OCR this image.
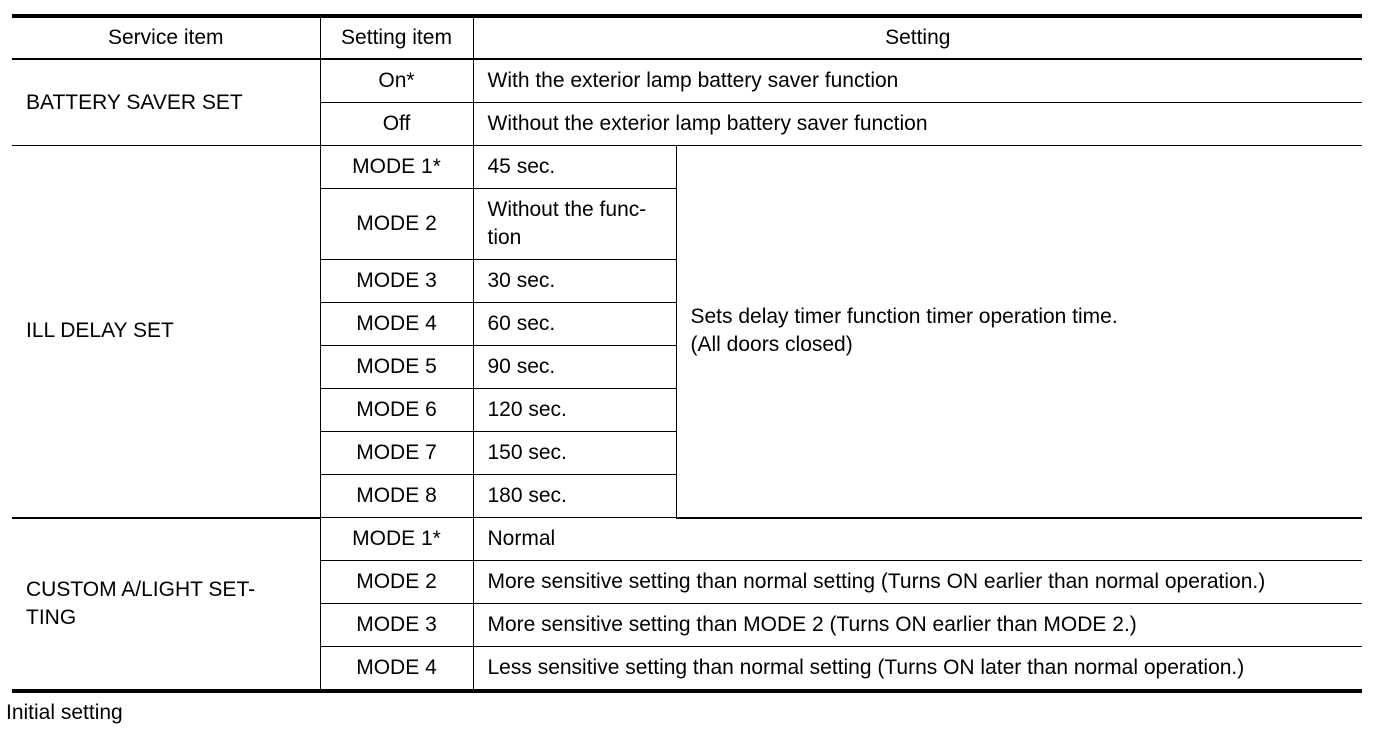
Service item	Setting item	Setting	
BATTERY SAVER SET	On*	With the exterior lamp battery saver function	
	Off	Without the exterior lamp battery saver function	
ILL DELAY SET	MODE 1*	45 sec.	Sets delay timer function timer operation time.
(All doors closed)

	MODE 2	Without the func-
tion	

	MODE 3	30 sec.	
	MODE 4	60 sec.	
	MODE 5	90 sec.	
	MODE 6	120 sec.	
	MODE 7	150 sec.	
	MODE 8	180 sec.	

CUSTOM A/LIGHT SET-
TING	MODE 1*	Normal	
	MODE 2	More sensitive setting than normal setting (Turns ON earlier than normal operation.)	
	MODE 3	More sensitive setting than MODE 2 (Turns ON earlier than MODE 2.)	
	MODE 4	Less sensitive setting than normal setting (Turns ON later than normal operation.)	
Initial setting
